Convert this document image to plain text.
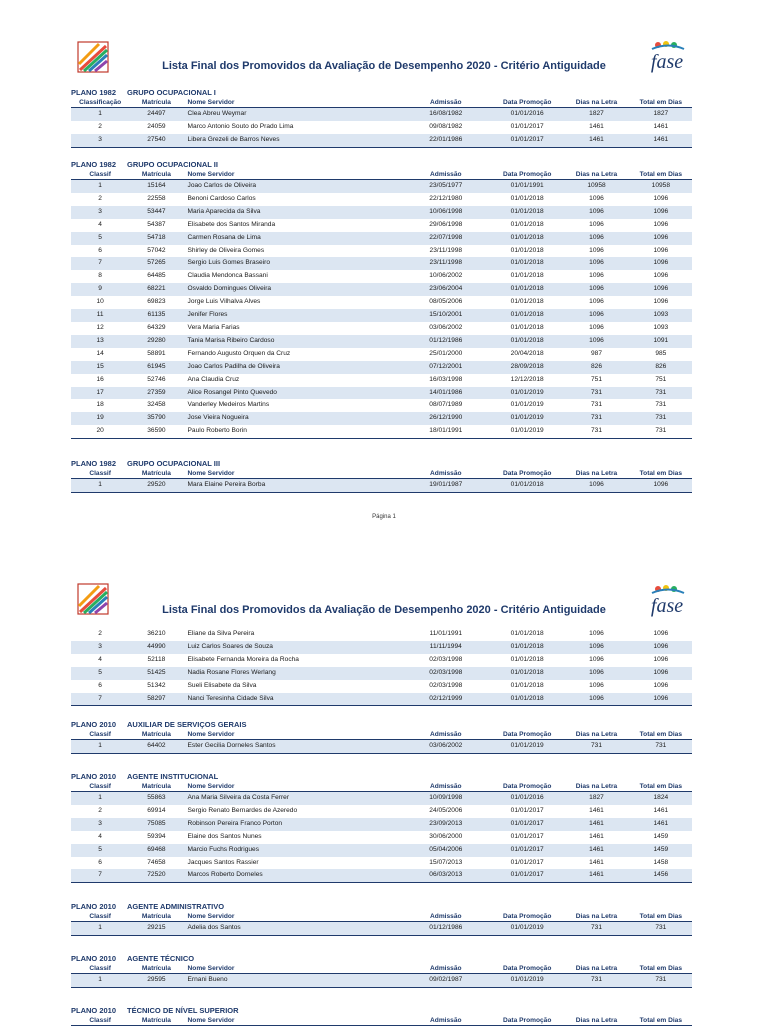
Lista Final dos Promovidos da Avaliação de Desempenho 2020 - Critério Antiguidade	fase
PLANO 1982 GRUPO OCUPACIONAL I
Classificação	Matrícula	Nome Servidor	Admissão	Data Promoção	Dias na Letra	Total em Dias
1	24497	Clea Abreu Weymar	16/08/1982	01/01/2016	1827	1827
2	24059	Marco Antonio Souto do Prado Lima	09/08/1982	01/01/2017	1461	1461
3	27540	Libera Grezeli de Barros Neves	22/01/1986	01/01/2017	1461	1461
PLANO 1982 GRUPO OCUPACIONAL II
Classif	Matrícula	Nome Servidor	Admissão	Data Promoção	Dias na Letra	Total em Dias
1	15164	Joao Carlos de Oliveira	23/05/1977	01/01/1991	10958	10958
2	22558	Benoni Cardoso Carlos	22/12/1980	01/01/2018	1096	1096
3	53447	Maria Aparecida da Silva	10/06/1998	01/01/2018	1096	1096
4	54387	Elisabete dos Santos Miranda	29/06/1998	01/01/2018	1096	1096
5	54718	Carmen Rosana de Lima	22/07/1998	01/01/2018	1096	1096
6	57042	Shirley de Oliveira Gomes	23/11/1998	01/01/2018	1096	1096
7	57265	Sergio Luis Gomes Braseiro	23/11/1998	01/01/2018	1096	1096
8	64485	Claudia Mendonca Bassani	10/06/2002	01/01/2018	1096	1096
9	68221	Osvaldo Domingues Oliveira	23/06/2004	01/01/2018	1096	1096
10	69823	Jorge Luis Vilhalva Alves	08/05/2006	01/01/2018	1096	1096
11	61135	Jenifer Flores	15/10/2001	01/01/2018	1096	1093
12	64329	Vera Maria Farias	03/06/2002	01/01/2018	1096	1093
13	29280	Tania Marisa Ribeiro Cardoso	01/12/1986	01/01/2018	1096	1091
14	58891	Fernando Augusto Orquen da Cruz	25/01/2000	20/04/2018	987	985
15	61945	Joao Carlos Padilha de Oliveira	07/12/2001	28/09/2018	826	826
16	52746	Ana Claudia Cruz	16/03/1998	12/12/2018	751	751
17	27359	Alice Rosangel Pinto Quevedo	14/01/1986	01/01/2019	731	731
18	32458	Vanderley Medeiros Martins	08/07/1989	01/01/2019	731	731
19	35790	Jose Vieira Nogueira	26/12/1990	01/01/2019	731	731
20	36590	Paulo Roberto Borin	18/01/1991	01/01/2019	731	731
PLANO 1982 GRUPO OCUPACIONAL III
Classif	Matrícula	Nome Servidor	Admissão	Data Promoção	Dias na Letra	Total em Dias
1	29520	Mara Elaine Pereira Borba	19/01/1987	01/01/2018	1096	1096
Página 1
Lista Final dos Promovidos da Avaliação de Desempenho 2020 - Critério Antiguidade	fase
2	36210	Eliane da Silva Pereira	11/01/1991	01/01/2018	1096	1096
3	44990	Luiz Carlos Soares de Souza	11/11/1994	01/01/2018	1096	1096
4	52118	Elisabete Fernanda Moreira da Rocha	02/03/1998	01/01/2018	1096	1096
5	51425	Nadia Rosane Flores Werlang	02/03/1998	01/01/2018	1096	1096
6	51342	Sueli Elisabete da Silva	02/03/1998	01/01/2018	1096	1096
7	58297	Nanci Teresinha Cidade Silva	02/12/1999	01/01/2018	1096	1096
PLANO 2010 AUXILIAR DE SERVIÇOS GERAIS
Classif	Matrícula	Nome Servidor	Admissão	Data Promoção	Dias na Letra	Total em Dias
1	64402	Ester Gecilia Dorneles Santos	03/06/2002	01/01/2019	731	731
PLANO 2010 AGENTE INSTITUCIONAL
Classif	Matrícula	Nome Servidor	Admissão	Data Promoção	Dias na Letra	Total em Dias
1	55863	Ana Maria Silveira da Costa Ferrer	10/09/1998	01/01/2016	1827	1824
2	69914	Sergio Renato Bernardes de Azeredo	24/05/2006	01/01/2017	1461	1461
3	75085	Robinson Pereira Franco Porton	23/09/2013	01/01/2017	1461	1461
4	59394	Elaine dos Santos Nunes	30/06/2000	01/01/2017	1461	1459
5	69468	Marcio Fuchs Rodrigues	05/04/2006	01/01/2017	1461	1459
6	74658	Jacques Santos Rassier	15/07/2013	01/01/2017	1461	1458
7	72520	Marcos Roberto Dorneles	06/03/2013	01/01/2017	1461	1456
PLANO 2010 AGENTE ADMINISTRATIVO
Classif	Matrícula	Nome Servidor	Admissão	Data Promoção	Dias na Letra	Total em Dias
1	29215	Adelia dos Santos	01/12/1986	01/01/2019	731	731
PLANO 2010 AGENTE TÉCNICO
Classif	Matrícula	Nome Servidor	Admissão	Data Promoção	Dias na Letra	Total em Dias
1	29595	Ernani Bueno	09/02/1987	01/01/2019	731	731
PLANO 2010 TÉCNICO DE NÍVEL SUPERIOR
Classif	Matrícula	Nome Servidor	Admissão	Data Promoção	Dias na Letra	Total em Dias
